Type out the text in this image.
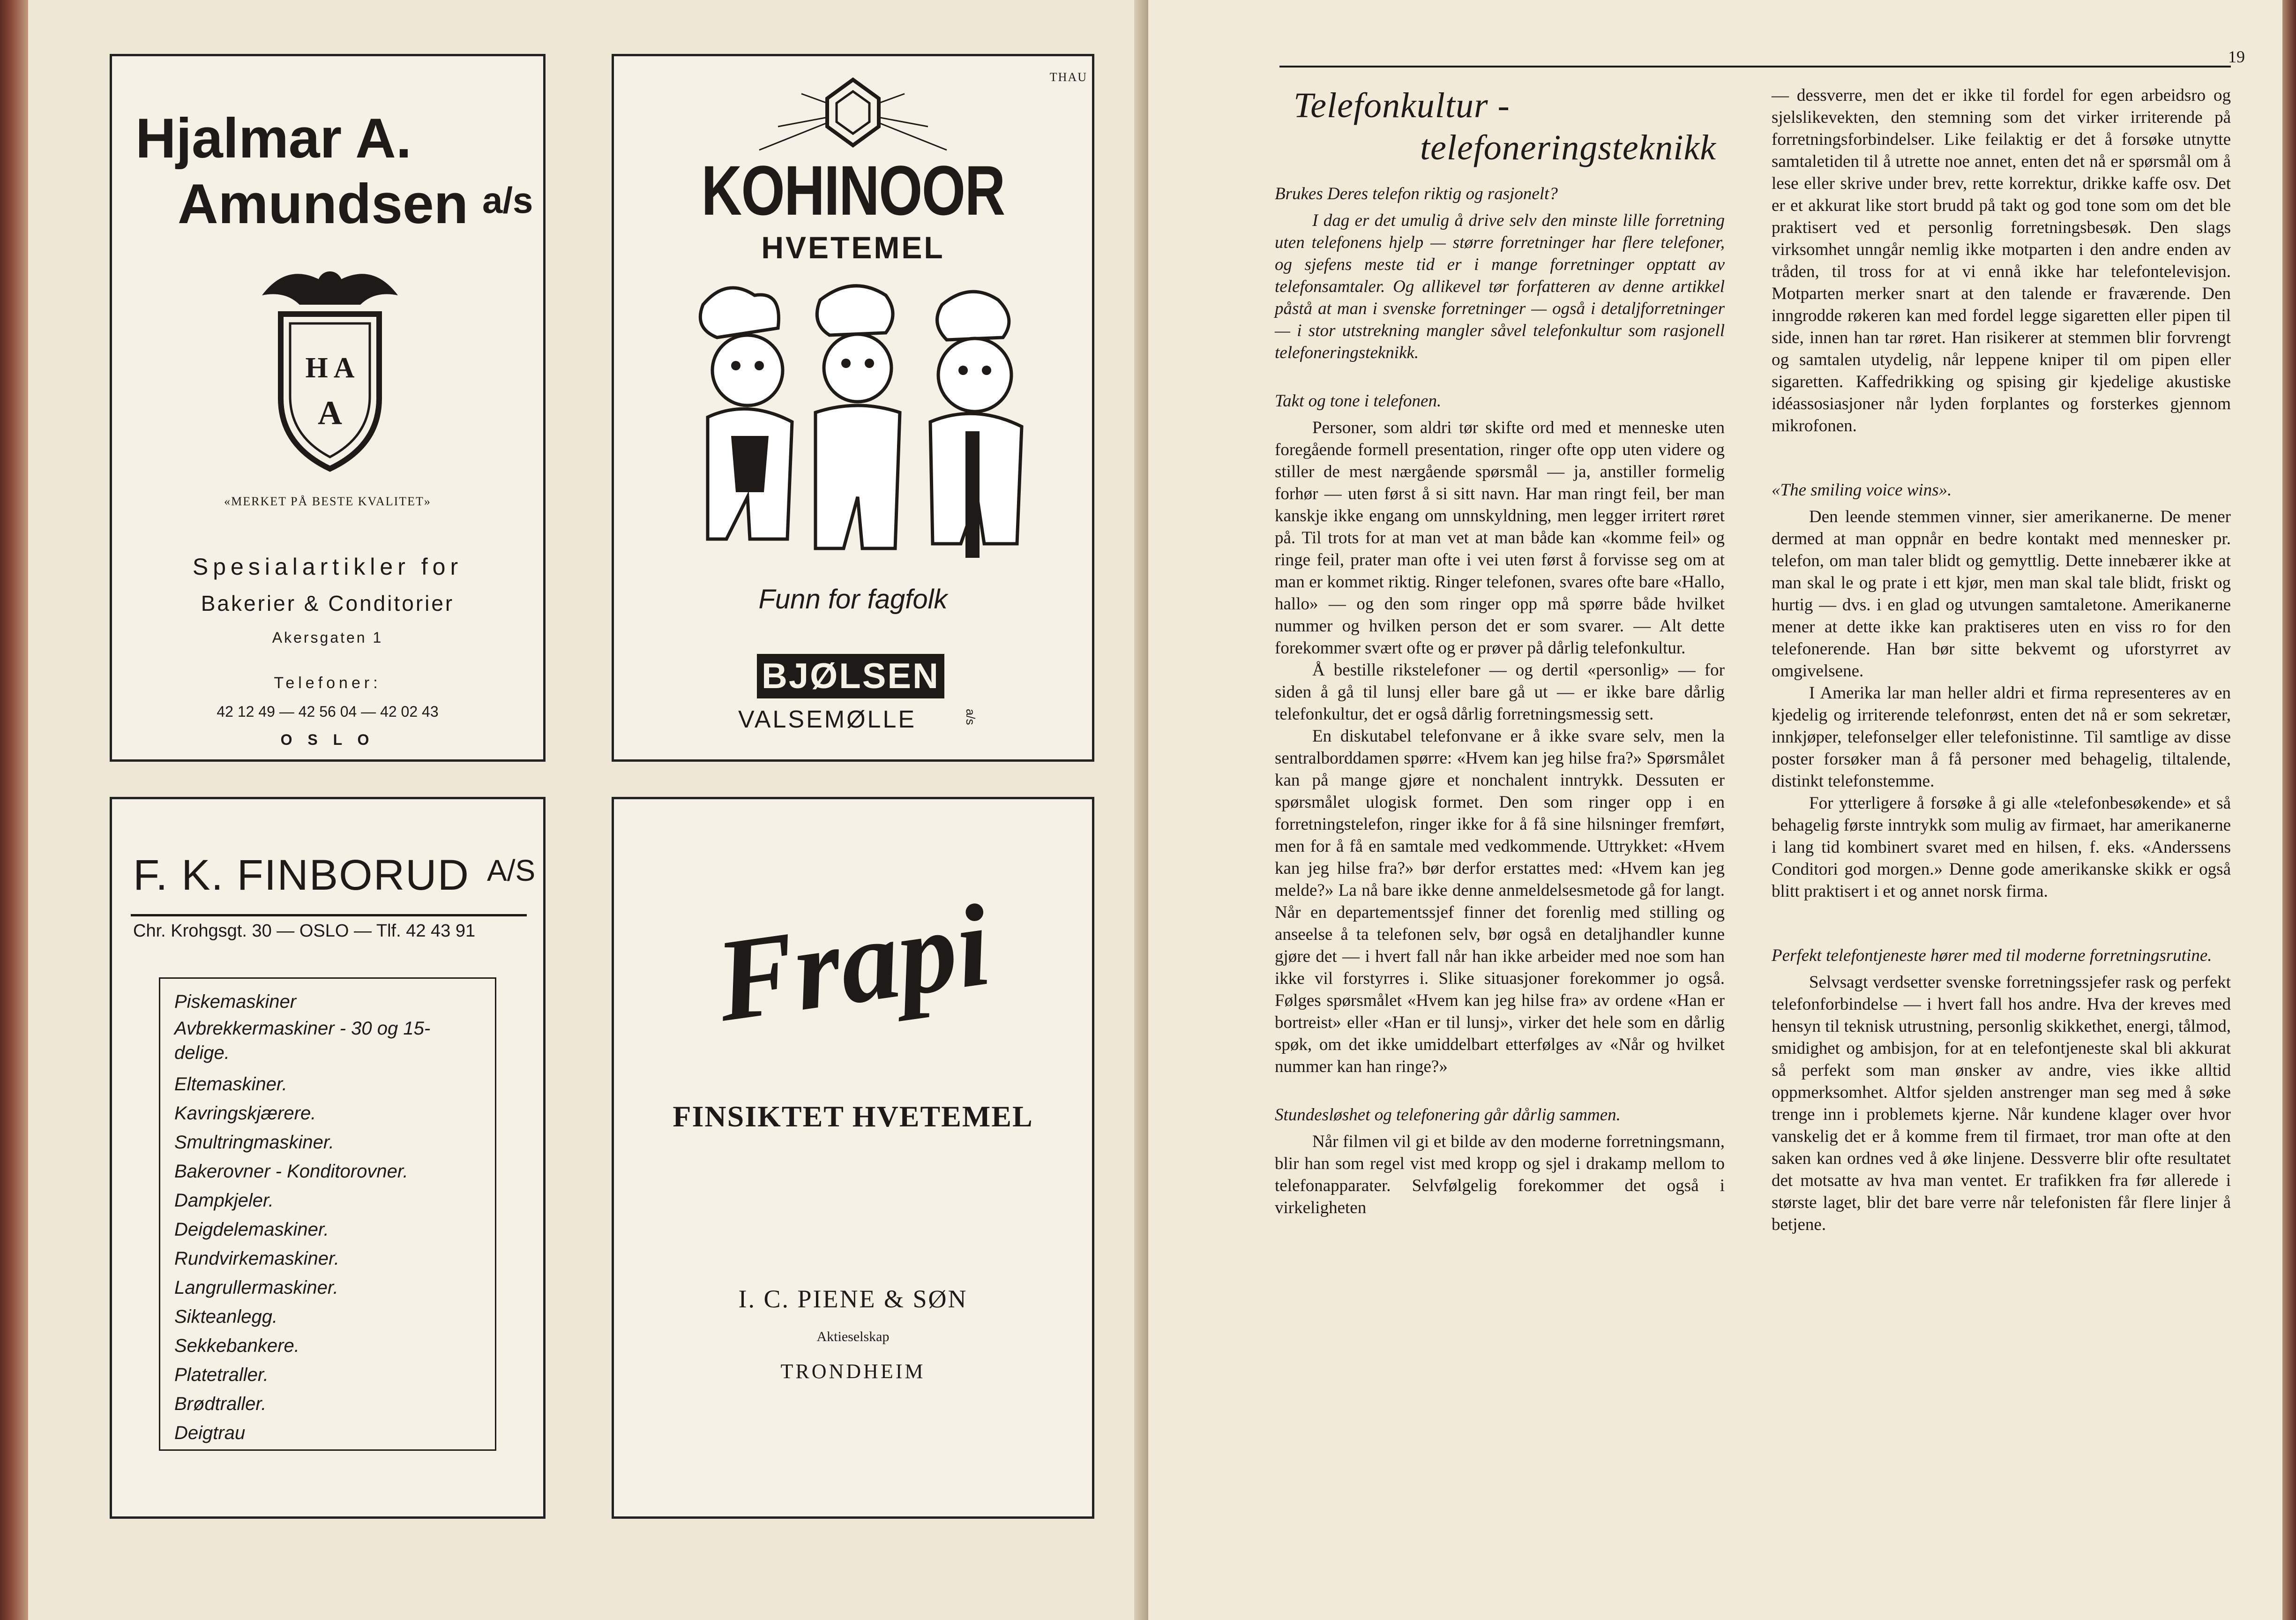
Hjalmar A.
Amundsen a/s
H A
A
«MERKET PÅ BESTE KVALITET»
Spesialartikler for
Bakerier & Conditorier
Akersgaten 1
Telefoner:
42 12 49 — 42 56 04 — 42 02 43
O S L O
THAU
KOHINOOR
HVETEMEL
Funn for fagfolk
BJØLSEN
VALSEMØLLE	a/s
F. K. FINBORUD A/S
Chr. Krohgsgt. 30 — OSLO — Tlf. 42 43 91
Piskemaskiner
Avbrekkermaskiner - 30 og 15-delige.
Eltemaskiner.
Kavringskjærere.
Smultringmaskiner.
Bakerovner - Konditorovner.
Dampkjeler.
Deigdelemaskiner.
Rundvirkemaskiner.
Langrullermaskiner.
Sikteanlegg.
Sekkebankere.
Platetraller.
Brødtraller.
Deigtrau
Frapi
FINSIKTET HVETEMEL
I. C. PIENE & SØN
Aktieselskap
TRONDHEIM
19
Telefonkultur -
telefoneringsteknikk

Brukes Deres telefon riktig og rasjonelt?

I dag er det umulig å drive selv den minste lille forretning uten telefonens hjelp — større forretninger har flere telefoner, og sjefens meste tid er i mange forretninger opptatt av telefonsamtaler. Og allikevel tør forfatteren av denne artikkel påstå at man i svenske forretninger — også i detaljforretninger — i stor utstrekning mangler såvel telefonkultur som rasjonell telefoneringsteknikk.

Takt og tone i telefonen.

Personer, som aldri tør skifte ord med et menneske uten foregående formell presentation, ringer ofte opp uten videre og stiller de mest nærgående spørsmål — ja, anstiller formelig forhør — uten først å si sitt navn. Har man ringt feil, ber man kanskje ikke engang om unnskyldning, men legger irritert røret på. Til trots for at man vet at man både kan «komme feil» og ringe feil, prater man ofte i vei uten først å forvisse seg om at man er kommet riktig. Ringer telefonen, svares ofte bare «Hallo, hallo» — og den som ringer opp må spørre både hvilket nummer og hvilken person det er som svarer. — Alt dette forekommer svært ofte og er prøver på dårlig telefonkultur.

Å bestille rikstelefoner — og dertil «personlig» — for siden å gå til lunsj eller bare gå ut — er ikke bare dårlig telefonkultur, det er også dårlig forretningsmessig sett.

En diskutabel telefonvane er å ikke svare selv, men la sentralborddamen spørre: «Hvem kan jeg hilse fra?» Spørsmålet kan på mange gjøre et nonchalent inntrykk. Dessuten er spørsmålet ulogisk formet. Den som ringer opp i en forretningstelefon, ringer ikke for å få sine hilsninger fremført, men for å få en samtale med vedkommende. Uttrykket: «Hvem kan jeg hilse fra?» bør derfor erstattes med: «Hvem kan jeg melde?» La nå bare ikke denne anmeldelsesmetode gå for langt. Når en departementssjef finner det forenlig med stilling og anseelse å ta telefonen selv, bør også en detaljhandler kunne gjøre det — i hvert fall når han ikke arbeider med noe som han ikke vil forstyrres i. Slike situasjoner forekommer jo også. Følges spørsmålet «Hvem kan jeg hilse fra» av ordene «Han er bortreist» eller «Han er til lunsj», virker det hele som en dårlig spøk, om det ikke umiddelbart etterfølges av «Når og hvilket nummer kan han ringe?»

Stundesløshet og telefonering går dårlig sammen.

Når filmen vil gi et bilde av den moderne forretningsmann, blir han som regel vist med kropp og sjel i drakamp mellom to telefonapparater. Selvfølgelig forekommer det også i virkeligheten

— dessverre, men det er ikke til fordel for egen arbeidsro og sjelslikevekten, den stemning som det virker irriterende på forretningsforbindelser. Like feilaktig er det å forsøke utnytte samtaletiden til å utrette noe annet, enten det nå er spørsmål om å lese eller skrive under brev, rette korrektur, drikke kaffe osv. Det er et akkurat like stort brudd på takt og god tone som om det ble praktisert ved et personlig forretningsbesøk. Den slags virksomhet unngår nemlig ikke motparten i den andre enden av tråden, til tross for at vi ennå ikke har telefontelevisjon. Motparten merker snart at den talende er fraværende. Den inngrodde røkeren kan med fordel legge sigaretten eller pipen til side, innen han tar røret. Han risikerer at stemmen blir forvrengt og samtalen utydelig, når leppene kniper til om pipen eller sigaretten. Kaffedrikking og spising gir kjedelige akustiske idéassosiasjoner når lyden forplantes og forsterkes gjennom mikrofonen.

«The smiling voice wins».

Den leende stemmen vinner, sier amerikanerne. De mener dermed at man oppnår en bedre kontakt med mennesker pr. telefon, om man taler blidt og gemyttlig. Dette innebærer ikke at man skal le og prate i ett kjør, men man skal tale blidt, friskt og hurtig — dvs. i en glad og utvungen samtaletone. Amerikanerne mener at dette ikke kan praktiseres uten en viss ro for den telefonerende. Han bør sitte bekvemt og uforstyrret av omgivelsene.

I Amerika lar man heller aldri et firma representeres av en kjedelig og irriterende telefonrøst, enten det nå er som sekretær, innkjøper, telefonselger eller telefonistinne. Til samtlige av disse poster forsøker man å få personer med behagelig, tiltalende, distinkt telefonstemme.

For ytterligere å forsøke å gi alle «telefonbesøkende» et så behagelig første inntrykk som mulig av firmaet, har amerikanerne i lang tid kombinert svaret med en hilsen, f. eks. «Anderssens Conditori god morgen.» Denne gode amerikanske skikk er også blitt praktisert i et og annet norsk firma.

Perfekt telefontjeneste hører med til moderne forretningsrutine.

Selvsagt verdsetter svenske forretningssjefer rask og perfekt telefonforbindelse — i hvert fall hos andre. Hva der kreves med hensyn til teknisk utrustning, personlig skikkethet, energi, tålmod, smidighet og ambisjon, for at en telefontjeneste skal bli akkurat så perfekt som man ønsker av andre, vies ikke alltid oppmerksomhet. Altfor sjelden anstrenger man seg med å søke trenge inn i problemets kjerne. Når kundene klager over hvor vanskelig det er å komme frem til firmaet, tror man ofte at den saken kan ordnes ved å øke linjene. Dessverre blir ofte resultatet det motsatte av hva man ventet. Er trafikken fra før allerede i største laget, blir det bare verre når telefonisten får flere linjer å betjene.
